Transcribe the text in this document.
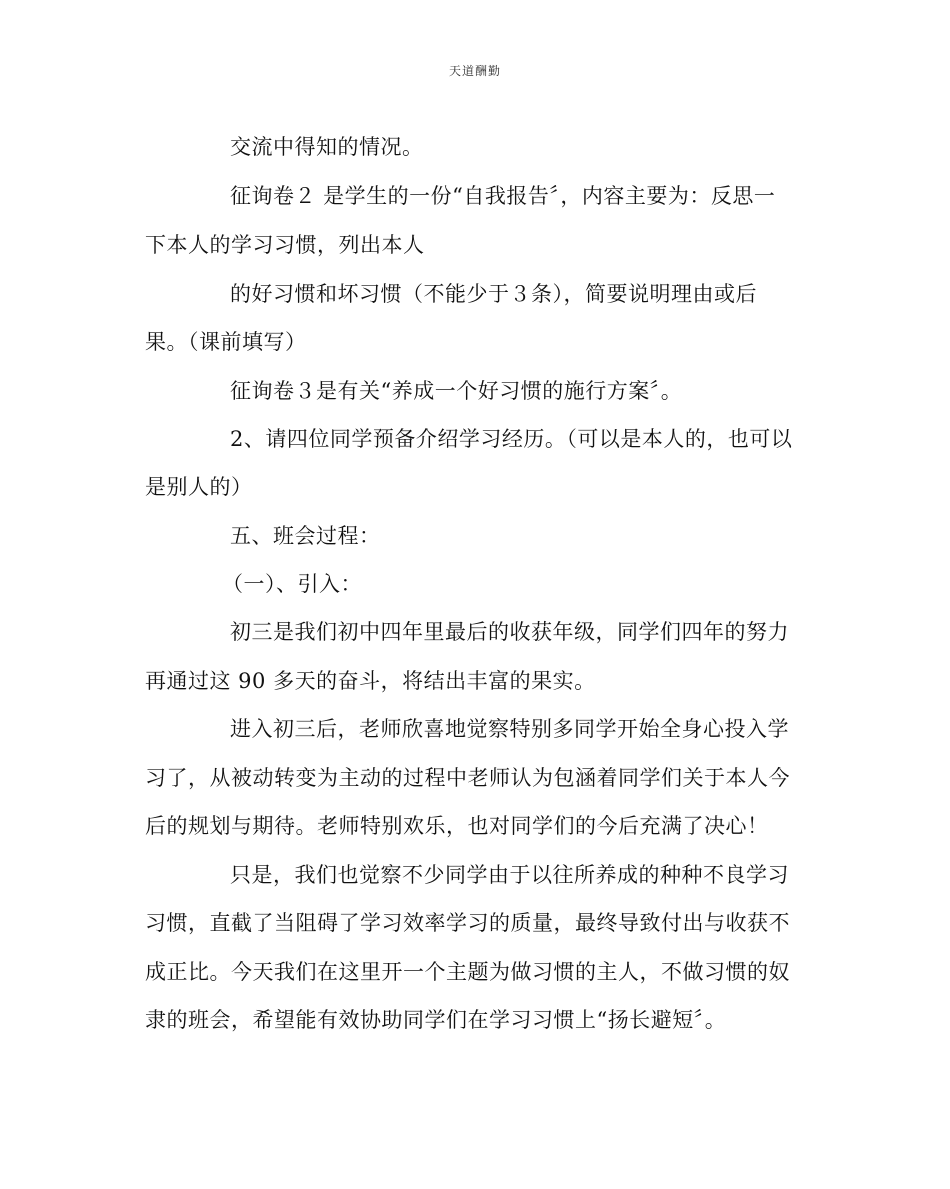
天道酬勤
交流中得知的情况。
征询卷２ 是学生的一份“自我报告〞，内容主要为：反思一
下本人的学习习惯，列出本人
的好习惯和坏习惯（不能少于３条），简要说明理由或后
果。（课前填写）
征询卷３是有关“养成一个好习惯的施行方案〞。
2、请四位同学预备介绍学习经历。（可以是本人的，也可以
是别人的）
五、班会过程：
（一）、引入：
初三是我们初中四年里最后的收获年级，同学们四年的努力
再通过这 90 多天的奋斗，将结出丰富的果实。
进入初三后，老师欣喜地觉察特别多同学开始全身心投入学
习了，从被动转变为主动的过程中老师认为包涵着同学们关于本人今
后的规划与期待。老师特别欢乐，也对同学们的今后充满了决心！
只是，我们也觉察不少同学由于以往所养成的种种不良学习
习惯，直截了当阻碍了学习效率学习的质量，最终导致付出与收获不
成正比。今天我们在这里开一个主题为做习惯的主人，不做习惯的奴
隶的班会，希望能有效协助同学们在学习习惯上“扬长避短〞。
